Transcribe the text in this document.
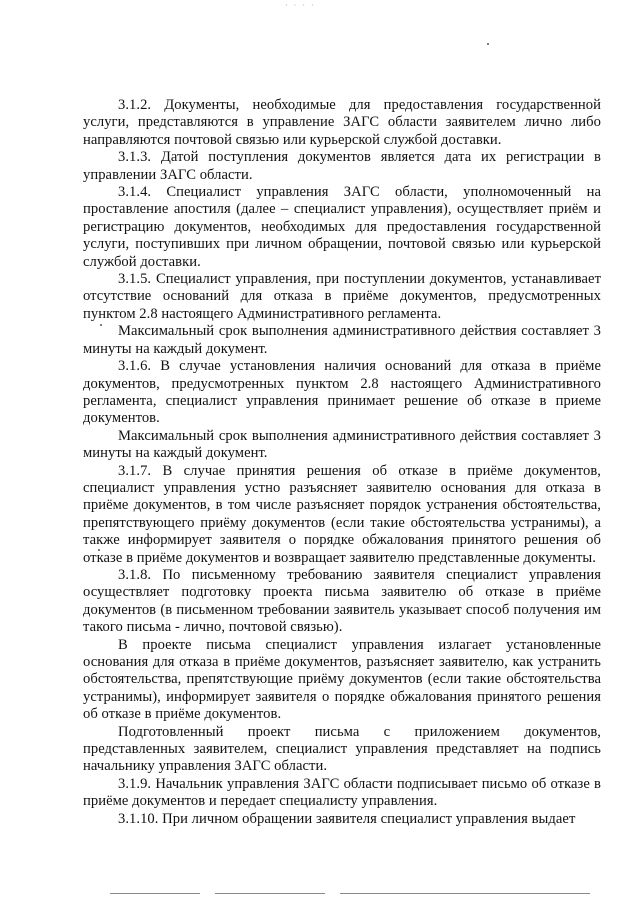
· · · ·

3.1.2. Документы, необходимые для предоставления государственной услуги, представляются в управление ЗАГС области заявителем лично либо направляются почтовой связью или курьерской службой доставки.

3.1.3. Датой поступления документов является дата их регистрации в управлении ЗАГС области.

3.1.4. Специалист управления ЗАГС области, уполномоченный на проставление апостиля (далее – специалист управления), осуществляет приём и регистрацию документов, необходимых для предоставления государственной услуги, поступивших при личном обращении, почтовой связью или курьерской службой доставки.

3.1.5. Специалист управления, при поступлении документов, устанавливает отсутствие оснований для отказа в приёме документов, предусмотренных пунктом 2.8 настоящего Административного регламента.

Максимальный срок выполнения административного действия составляет 3 минуты на каждый документ.

3.1.6. В случае установления наличия оснований для отказа в приёме документов, предусмотренных пунктом 2.8 настоящего Административного регламента, специалист управления принимает решение об отказе в приеме документов.

Максимальный срок выполнения административного действия составляет 3 минуты на каждый документ.

3.1.7. В случае принятия решения об отказе в приёме документов, специалист управления устно разъясняет заявителю основания для отказа в приёме документов, в том числе разъясняет порядок устранения обстоятельства, препятствующего приёму документов (если такие обстоятельства устранимы), а также информирует заявителя о порядке обжалования принятого решения об отказе в приёме документов и возвращает заявителю представленные документы.

3.1.8. По письменному требованию заявителя специалист управления осуществляет подготовку проекта письма заявителю об отказе в приёме документов (в письменном требовании заявитель указывает способ получения им такого письма - лично, почтовой связью).

В проекте письма специалист управления излагает установленные основания для отказа в приёме документов, разъясняет заявителю, как устранить обстоятельства, препятствующие приёму документов (если такие обстоятельства устранимы), информирует заявителя о порядке обжалования принятого решения об отказе в приёме документов.

Подготовленный проект письма с приложением документов, представленных заявителем, специалист управления представляет на подпись начальнику управления ЗАГС области.

3.1.9. Начальник управления ЗАГС области подписывает письмо об отказе в приёме документов и передает специалисту управления.

3.1.10. При личном обращении заявителя специалист управления выдает
